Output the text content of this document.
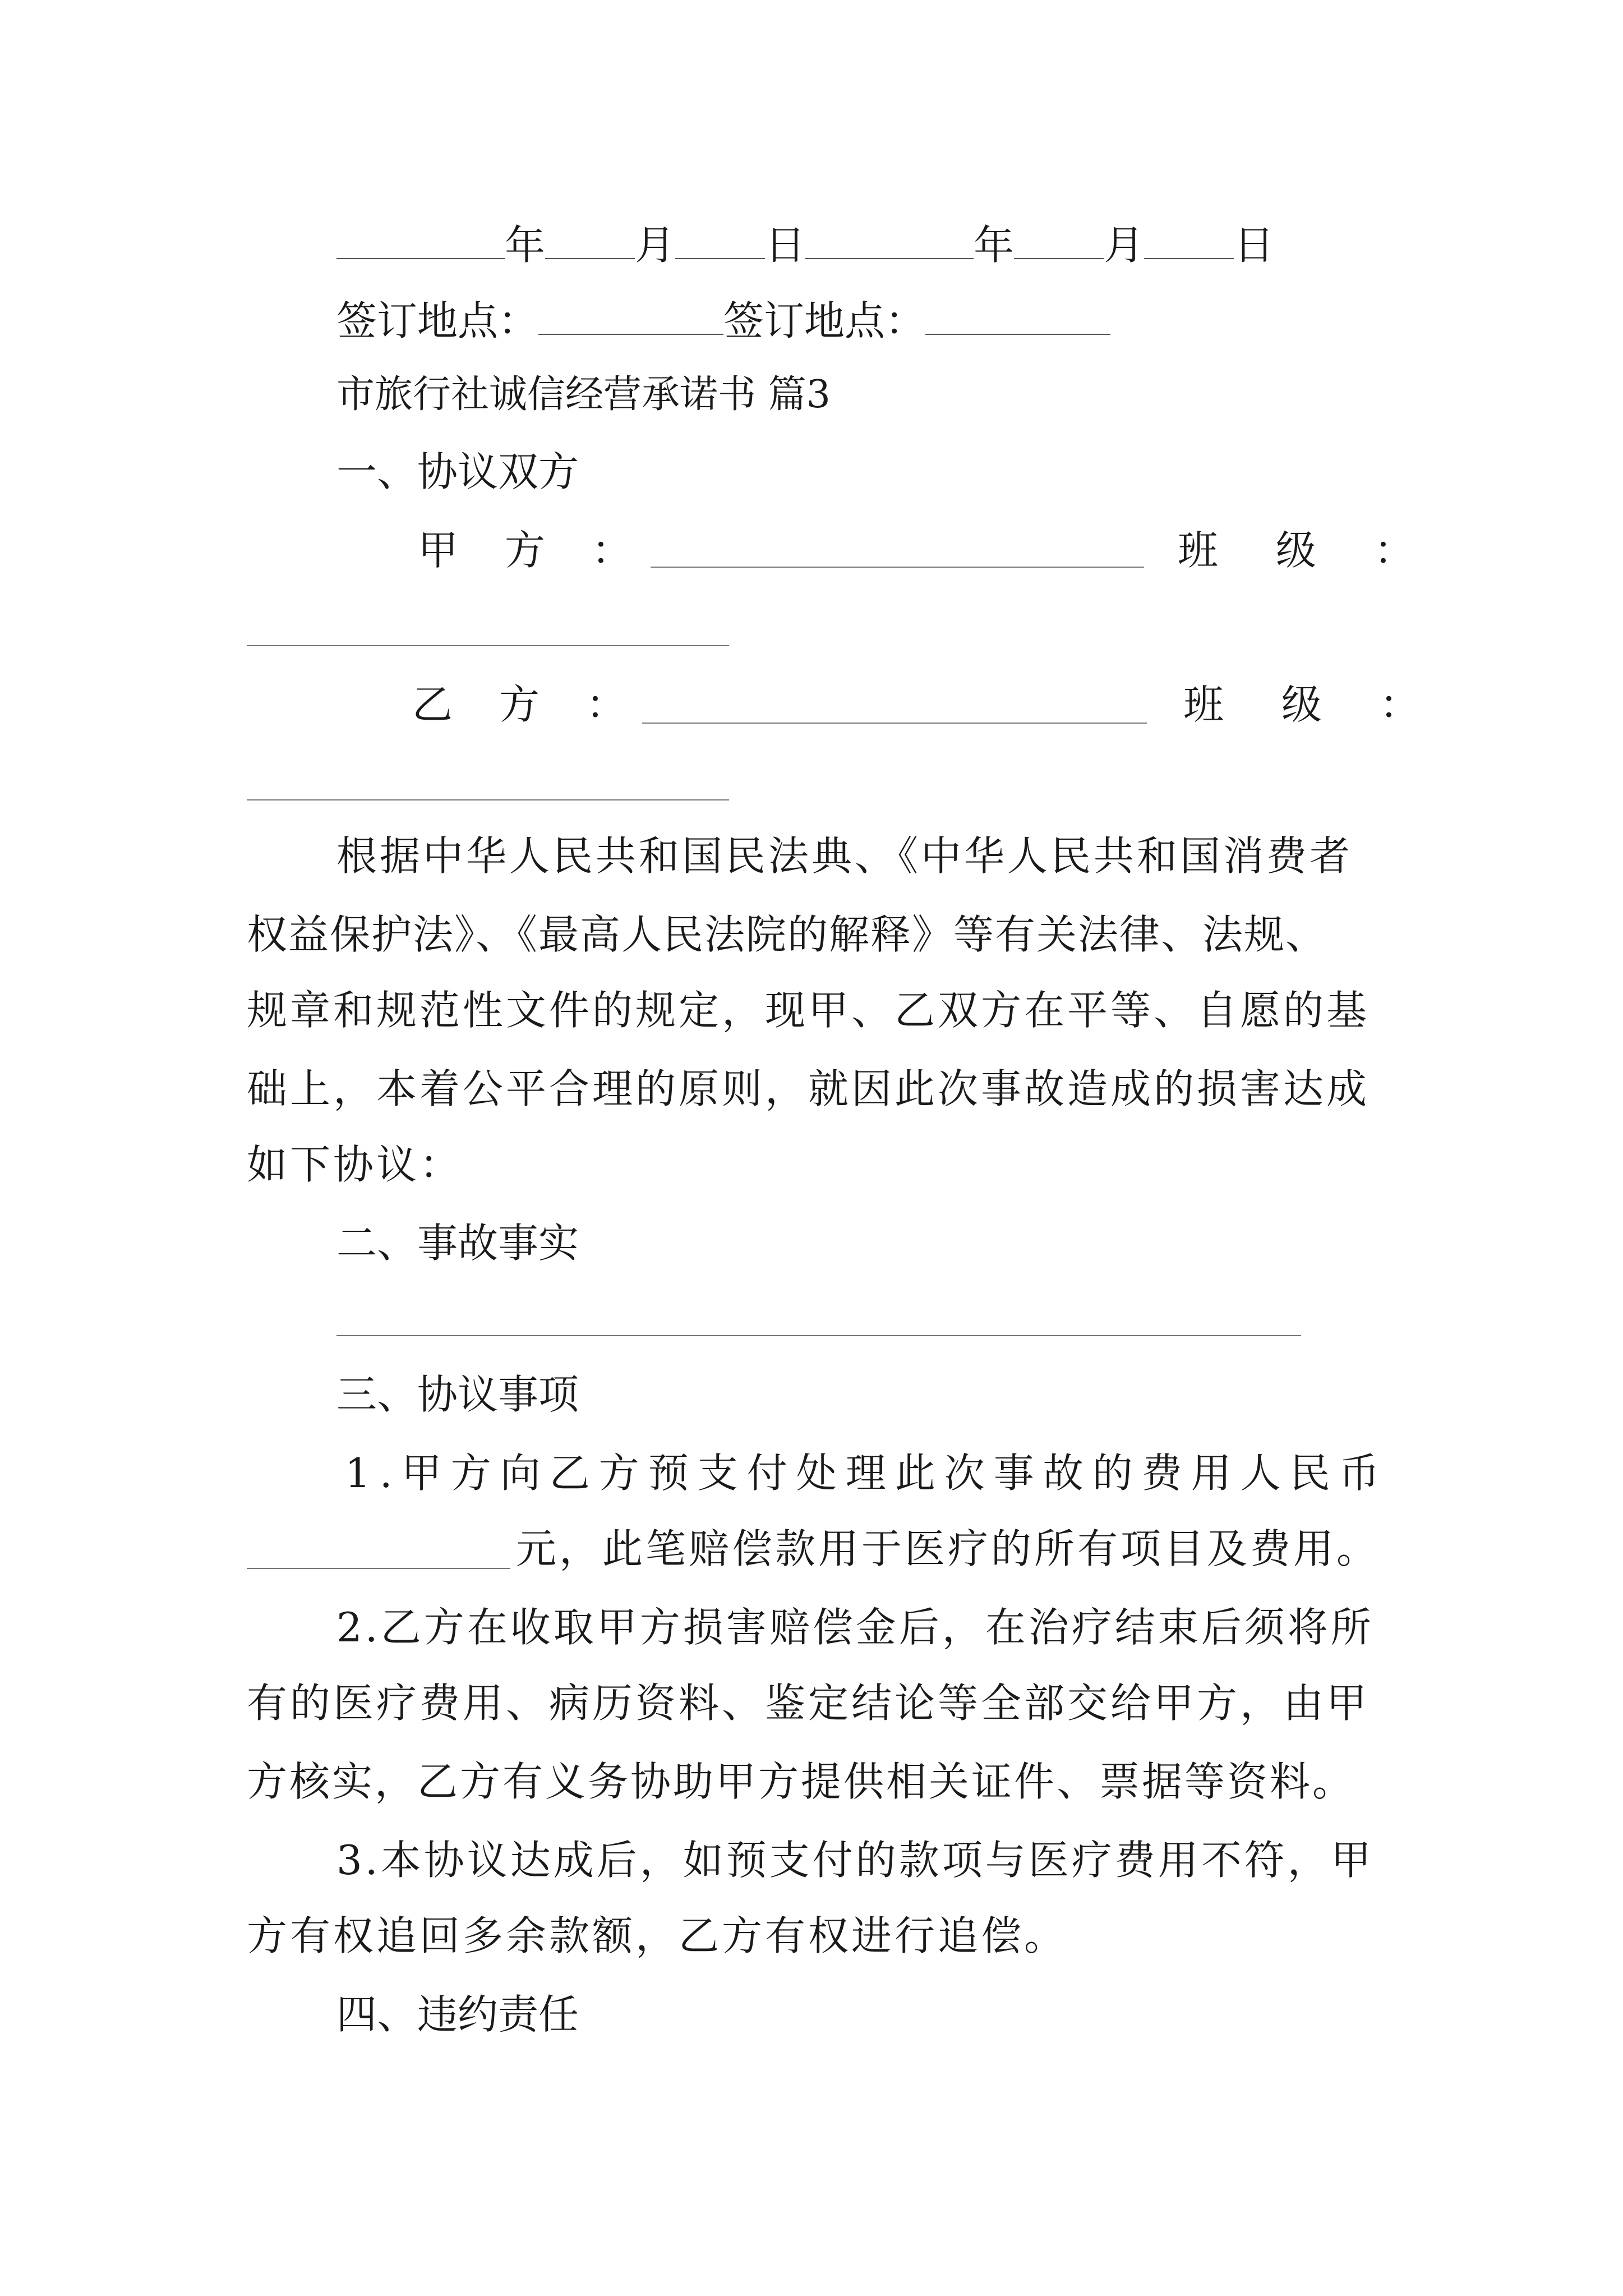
年 月 日	年 月 日
签订地点：	签订地点：
市旅行社诚信经营承诺书 篇3
一、协议双方
甲 方 ：	班 级 ：
乙 方 ：	班 级 ：
根据中华人民共和国民法典、《中华人民共和国消费者
权益保护法》、《最高人民法院的解释》等有关法律、法规、
规章和规范性文件的规定，现甲、乙双方在平等、自愿的基
础上，本着公平合理的原则，就因此次事故造成的损害达成
如下协议：
二、事故事实
三、协议事项
1.甲方向乙方预支付处理此次事故的费用人民币
元，此笔赔偿款用于医疗的所有项目及费用。
2.乙方在收取甲方损害赔偿金后，在治疗结束后须将所
有的医疗费用、病历资料、鉴定结论等全部交给甲方，由甲
方核实，乙方有义务协助甲方提供相关证件、票据等资料。
3.本协议达成后，如预支付的款项与医疗费用不符，甲
方有权追回多余款额，乙方有权进行追偿。
四、违约责任
